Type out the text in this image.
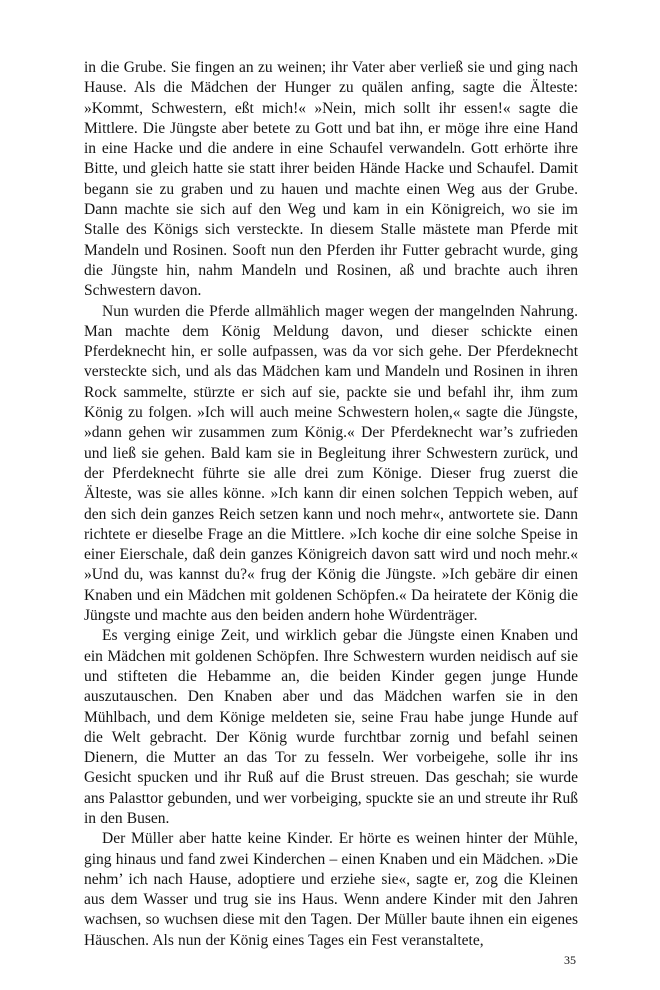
in die Grube. Sie fingen an zu weinen; ihr Vater aber verließ sie und ging nach Hause. Als die Mädchen der Hunger zu quälen anfing, sagte die Älteste: »Kommt, Schwestern, eßt mich!« »Nein, mich sollt ihr essen!« sagte die Mittlere. Die Jüngste aber betete zu Gott und bat ihn, er möge ihre eine Hand in eine Hacke und die andere in eine Schaufel verwandeln. Gott erhörte ihre Bitte, und gleich hatte sie statt ihrer beiden Hände Hacke und Schaufel. Damit begann sie zu graben und zu hauen und machte einen Weg aus der Grube. Dann machte sie sich auf den Weg und kam in ein Königreich, wo sie im Stalle des Königs sich versteckte. In diesem Stalle mästete man Pferde mit Mandeln und Rosinen. Sooft nun den Pferden ihr Futter gebracht wurde, ging die Jüngste hin, nahm Mandeln und Rosinen, aß und brachte auch ihren Schwestern davon.

Nun wurden die Pferde allmählich mager wegen der mangelnden Nahrung. Man machte dem König Meldung davon, und dieser schickte einen Pferdeknecht hin, er solle aufpassen, was da vor sich gehe. Der Pferdeknecht versteckte sich, und als das Mädchen kam und Mandeln und Rosinen in ihren Rock sammelte, stürzte er sich auf sie, packte sie und befahl ihr, ihm zum König zu folgen. »Ich will auch meine Schwestern holen,« sagte die Jüngste, »dann gehen wir zusammen zum König.« Der Pferdeknecht war’s zufrieden und ließ sie gehen. Bald kam sie in Begleitung ihrer Schwestern zurück, und der Pferdeknecht führte sie alle drei zum Könige. Dieser frug zuerst die Älteste, was sie alles könne. »Ich kann dir einen solchen Teppich weben, auf den sich dein ganzes Reich setzen kann und noch mehr«, antwortete sie. Dann richtete er dieselbe Frage an die Mittlere. »Ich koche dir eine solche Speise in einer Eierschale, daß dein ganzes Königreich davon satt wird und noch mehr.« »Und du, was kannst du?« frug der König die Jüngste. »Ich gebäre dir einen Knaben und ein Mädchen mit goldenen Schöpfen.« Da heiratete der König die Jüngste und machte aus den beiden andern hohe Würdenträger.

Es verging einige Zeit, und wirklich gebar die Jüngste einen Knaben und ein Mädchen mit goldenen Schöpfen. Ihre Schwestern wurden neidisch auf sie und stifteten die Hebamme an, die beiden Kinder gegen junge Hunde auszutauschen. Den Knaben aber und das Mädchen warfen sie in den Mühlbach, und dem Könige meldeten sie, seine Frau habe junge Hunde auf die Welt gebracht. Der König wurde furchtbar zornig und befahl seinen Dienern, die Mutter an das Tor zu fesseln. Wer vorbeigehe, solle ihr ins Gesicht spucken und ihr Ruß auf die Brust streuen. Das geschah; sie wurde ans Palasttor gebunden, und wer vorbeiging, spuckte sie an und streute ihr Ruß in den Busen.

Der Müller aber hatte keine Kinder. Er hörte es weinen hinter der Mühle, ging hinaus und fand zwei Kinderchen – einen Knaben und ein Mädchen. »Die nehm’ ich nach Hause, adoptiere und erziehe sie«, sagte er, zog die Kleinen aus dem Wasser und trug sie ins Haus. Wenn andere Kinder mit den Jahren wachsen, so wuchsen diese mit den Tagen. Der Müller baute ihnen ein eigenes Häuschen. Als nun der König eines Tages ein Fest veranstaltete,

35
